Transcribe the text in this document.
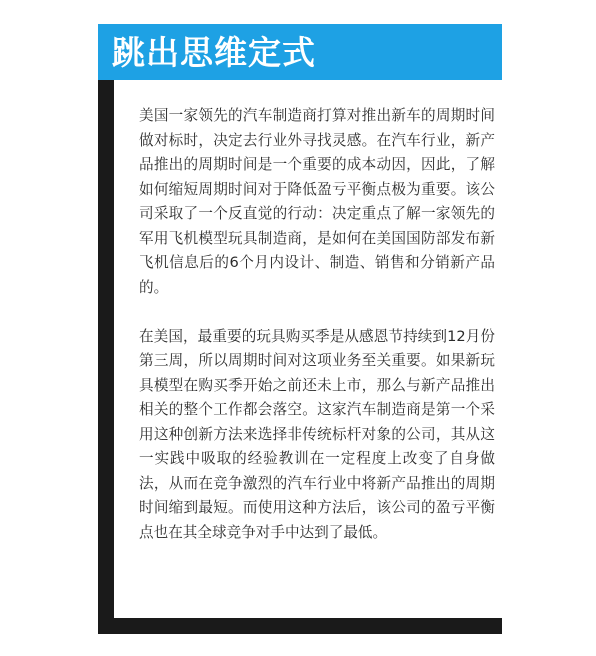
跳出思维定式

美国一家领先的汽车制造商打算对推出新车的周期时间做对标时，决定去行业外寻找灵感。在汽车行业，新产品推出的周期时间是一个重要的成本动因，因此，了解如何缩短周期时间对于降低盈亏平衡点极为重要。该公司采取了一个反直觉的行动：决定重点了解一家领先的军用飞机模型玩具制造商，是如何在美国国防部发布新飞机信息后的6个月内设计、制造、销售和分销新产品的。

在美国，最重要的玩具购买季是从感恩节持续到12月份第三周，所以周期时间对这项业务至关重要。如果新玩具模型在购买季开始之前还未上市，那么与新产品推出相关的整个工作都会落空。这家汽车制造商是第一个采用这种创新方法来选择非传统标杆对象的公司，其从这一实践中吸取的经验教训在一定程度上改变了自身做法，从而在竞争激烈的汽车行业中将新产品推出的周期时间缩到最短。而使用这种方法后，该公司的盈亏平衡点也在其全球竞争对手中达到了最低。
